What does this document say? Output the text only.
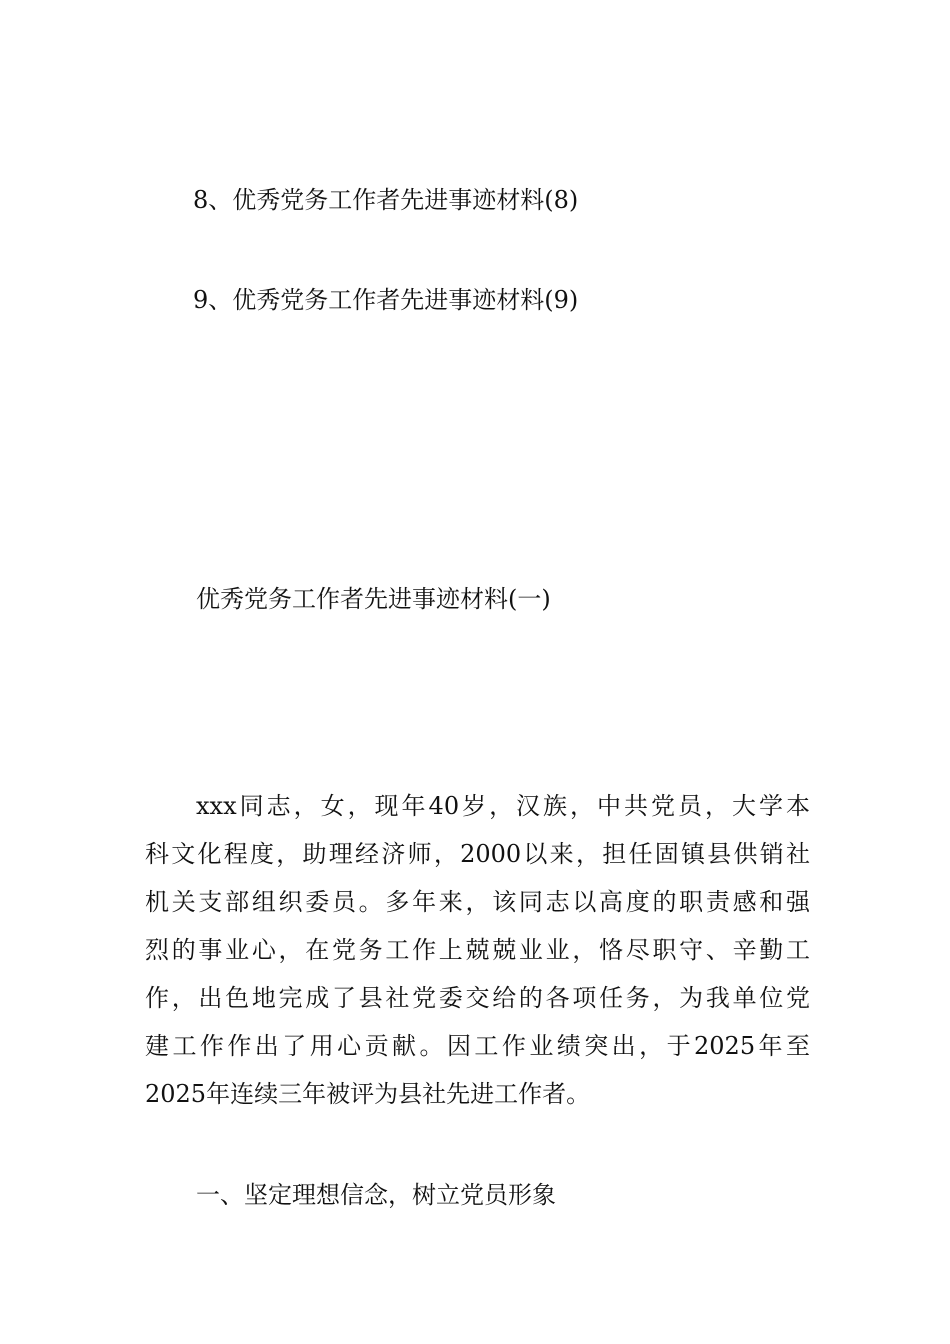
8、优秀党务工作者先进事迹材料(8)
9、优秀党务工作者先进事迹材料(9)
优秀党务工作者先进事迹材料(一)
xxx同志，女，现年40岁，汉族，中共党员，大学本
科文化程度，助理经济师，2000以来，担任固镇县供销社
机关支部组织委员。多年来，该同志以高度的职责感和强
烈的事业心，在党务工作上兢兢业业，恪尽职守、辛勤工
作，出色地完成了县社党委交给的各项任务，为我单位党
建工作作出了用心贡献。因工作业绩突出，于2025年至
2025年连续三年被评为县社先进工作者。
一、坚定理想信念，树立党员形象
